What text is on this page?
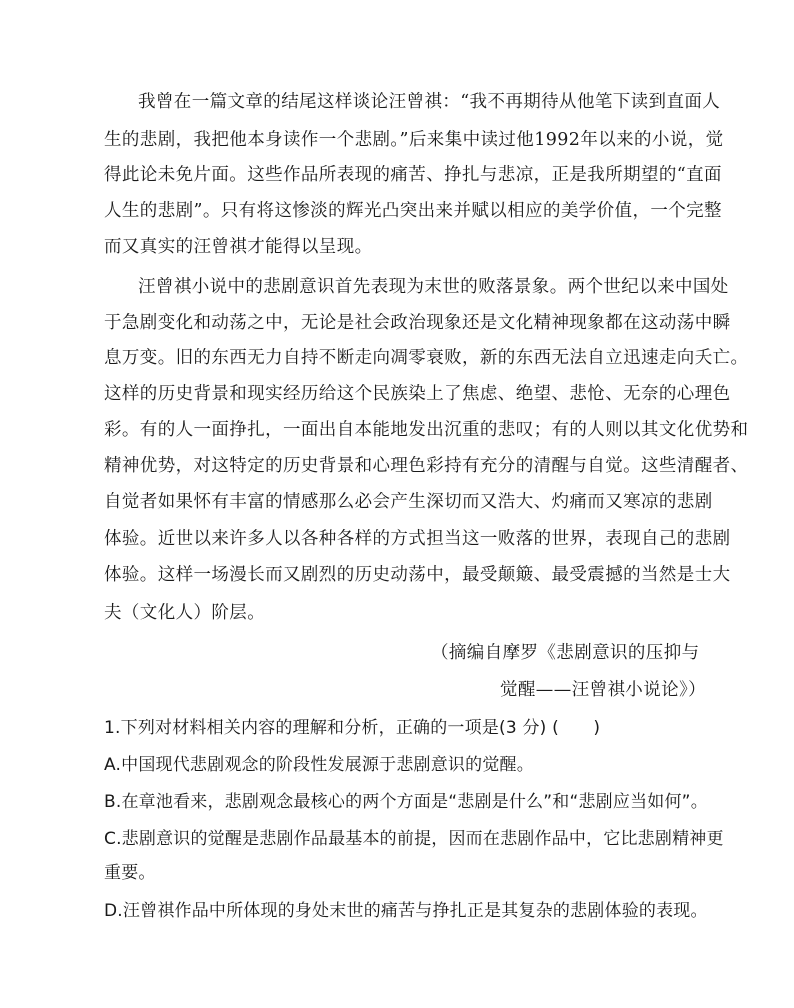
我曾在一篇文章的结尾这样谈论汪曾祺：“我不再期待从他笔下读到直面人
生的悲剧，我把他本身读作一个悲剧。”后来集中读过他1992年以来的小说，觉
得此论未免片面。这些作品所表现的痛苦、挣扎与悲凉，正是我所期望的“直面
人生的悲剧”。只有将这惨淡的辉光凸突出来并赋以相应的美学价值，一个完整
而又真实的汪曾祺才能得以呈现。
汪曾祺小说中的悲剧意识首先表现为末世的败落景象。两个世纪以来中国处
于急剧变化和动荡之中，无论是社会政治现象还是文化精神现象都在这动荡中瞬
息万变。旧的东西无力自持不断走向凋零衰败，新的东西无法自立迅速走向夭亡。
这样的历史背景和现实经历给这个民族染上了焦虑、绝望、悲怆、无奈的心理色
彩。有的人一面挣扎，一面出自本能地发出沉重的悲叹；有的人则以其文化优势和
精神优势，对这特定的历史背景和心理色彩持有充分的清醒与自觉。这些清醒者、
自觉者如果怀有丰富的情感那么必会产生深切而又浩大、灼痛而又寒凉的悲剧
体验。近世以来许多人以各种各样的方式担当这一败落的世界，表现自己的悲剧
体验。这样一场漫长而又剧烈的历史动荡中，最受颠簸、最受震撼的当然是士大
夫（文化人）阶层。
（摘编自摩罗《悲剧意识的压抑与
觉醒——汪曾祺小说论》）
1.下列对材料相关内容的理解和分析，正确的一项是(3 分) (　　)
A.中国现代悲剧观念的阶段性发展源于悲剧意识的觉醒。
B.在章池看来，悲剧观念最核心的两个方面是“悲剧是什么”和“悲剧应当如何”。
C.悲剧意识的觉醒是悲剧作品最基本的前提，因而在悲剧作品中，它比悲剧精神更
重要。
D.汪曾祺作品中所体现的身处末世的痛苦与挣扎正是其复杂的悲剧体验的表现。
